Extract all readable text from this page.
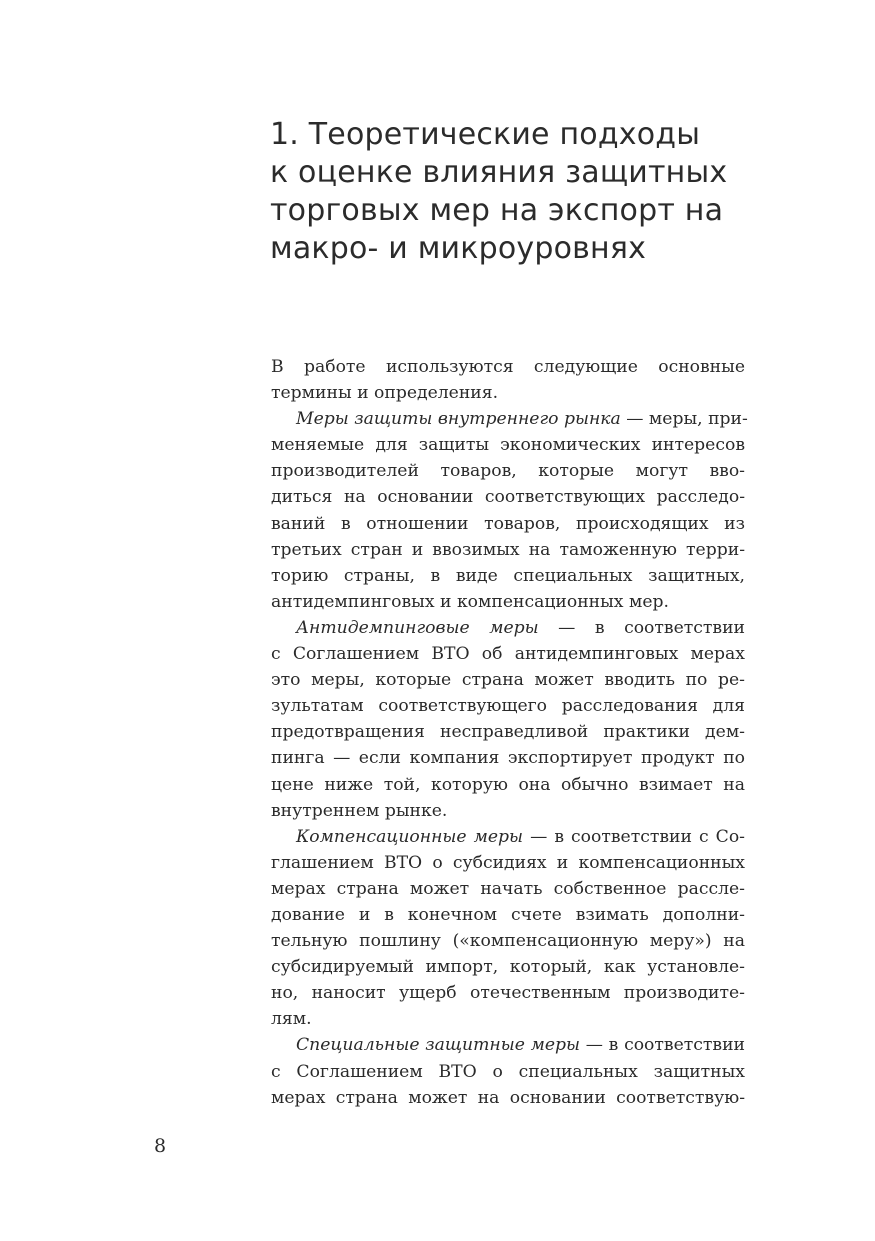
1. Теоретические подходы
к оценке влияния защитных
торговых мер на экспорт на
макро- и микроуровнях
В работе используются следующие основные
термины и определения.
Меры защиты внутреннего рынка — меры, при-
меняемые для защиты экономических интересов
производителей товаров, которые могут вво-
диться на основании соответствующих расследо-
ваний в отношении товаров, происходящих из
третьих стран и ввозимых на таможенную терри-
торию страны, в виде специальных защитных,
антидемпинговых и компенсационных мер.
Антидемпинговые меры — в соответствии
с Соглашением ВТО об антидемпинговых мерах
это меры, которые страна может вводить по ре-
зультатам соответствующего расследования для
предотвращения несправедливой практики дем-
пинга — если компания экспортирует продукт по
цене ниже той, которую она обычно взимает на
внутреннем рынке.
Компенсационные меры — в соответствии с Со-
глашением ВТО о субсидиях и компенсационных
мерах страна может начать собственное рассле-
дование и в конечном счете взимать дополни-
тельную пошлину («компенсационную меру») на
субсидируемый импорт, который, как установле-
но, наносит ущерб отечественным производите-
лям.
Специальные защитные меры — в соответствии
с Соглашением ВТО о специальных защитных
мерах страна может на основании соответствую-
8
